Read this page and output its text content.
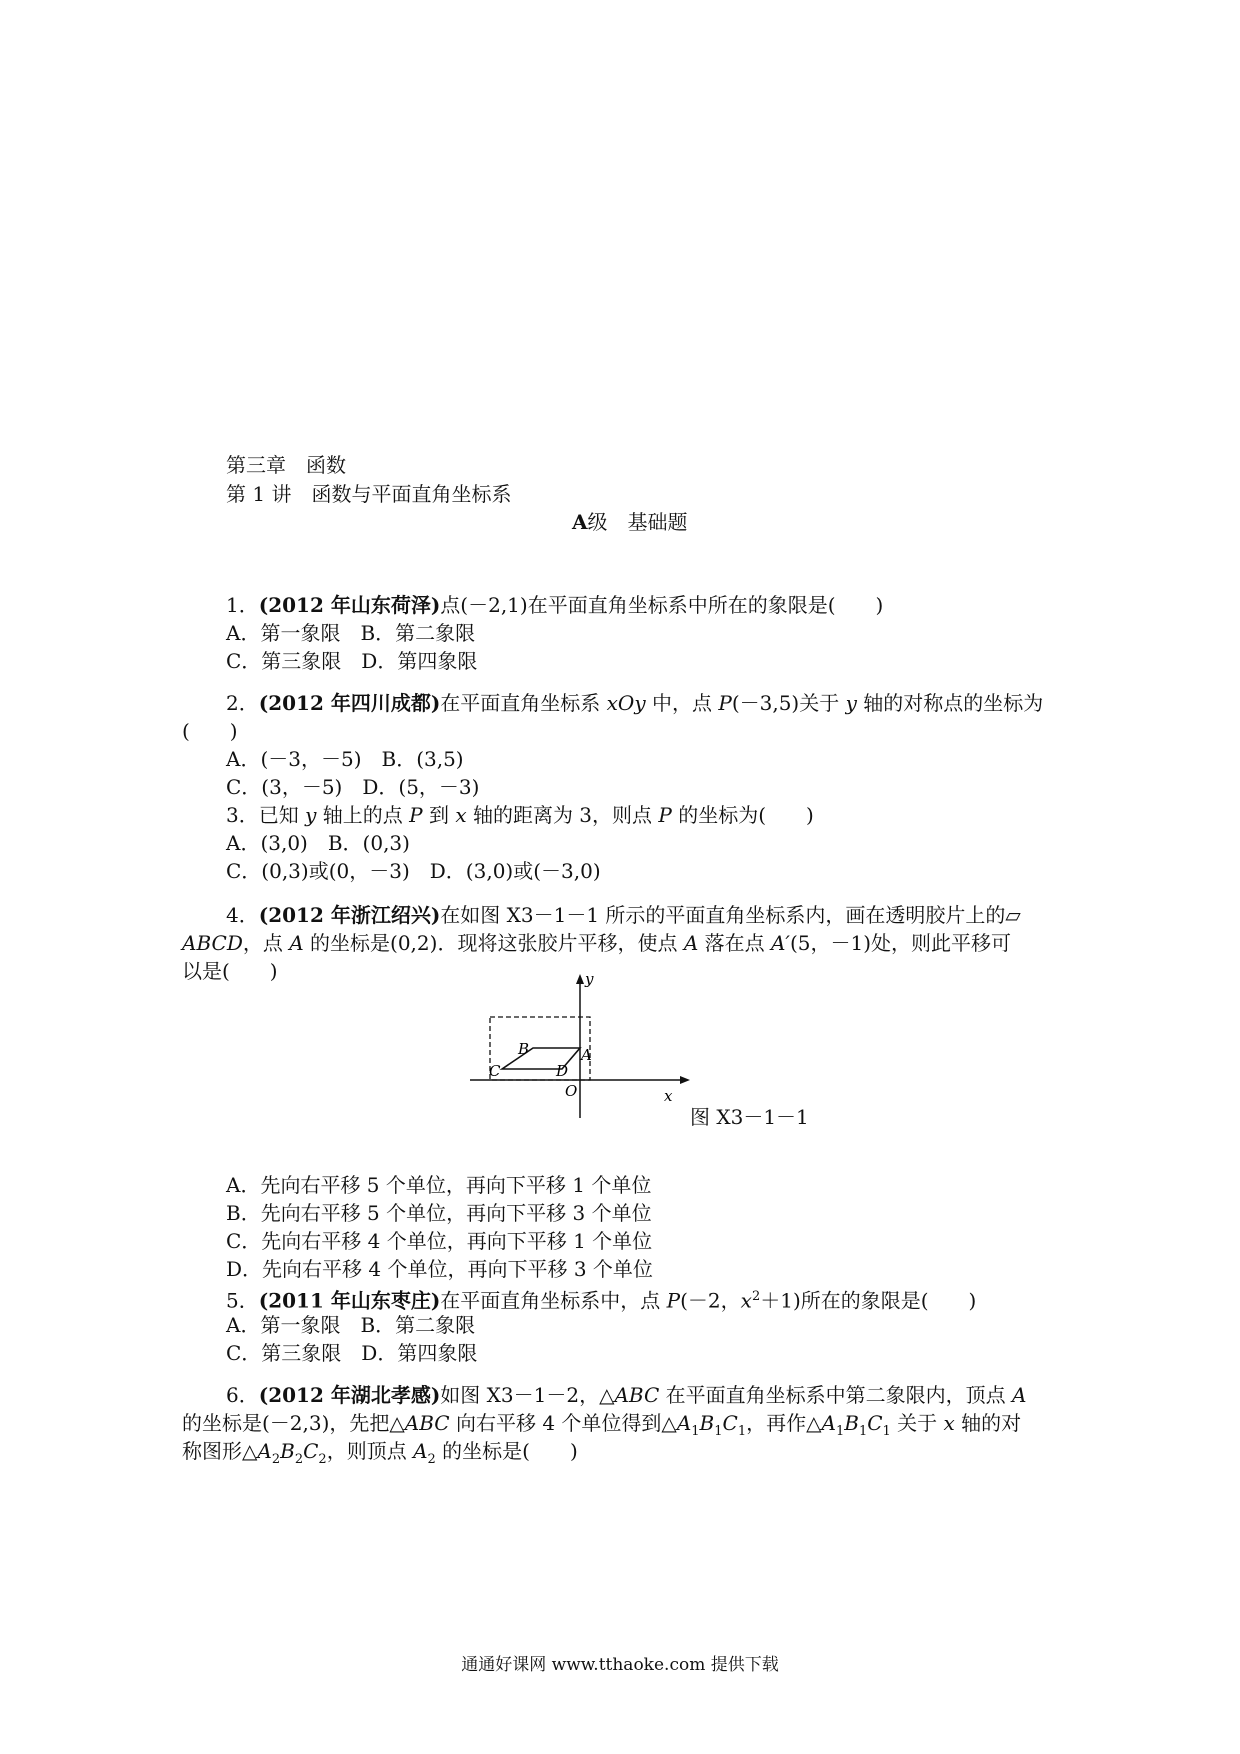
第三章　函数
第 1 讲　函数与平面直角坐标系
A级　基础题
1．(2012 年山东荷泽)点(－2,1)在平面直角坐标系中所在的象限是(　　)
A．第一象限　B．第二象限
C．第三象限　D．第四象限
2．(2012 年四川成都)在平面直角坐标系 xOy 中，点 P(－3,5)关于 y 轴的对称点的坐标为
(　　)
A．(－3，－5)　B．(3,5)
C．(3，－5)　D．(5，－3)
3．已知 y 轴上的点 P 到 x 轴的距离为 3，则点 P 的坐标为(　　)
A．(3,0)　B．(0,3)
C．(0,3)或(0，－3)　D．(3,0)或(－3,0)
4．(2012 年浙江绍兴)在如图 X3－1－1 所示的平面直角坐标系内，画在透明胶片上的▱
ABCD，点 A 的坐标是(0,2)．现将这张胶片平移，使点 A 落在点 A′(5，－1)处，则此平移可
以是(　　)	y
x
O
A
B
C	D
图 X3－1－1
A．先向右平移 5 个单位，再向下平移 1 个单位
B．先向右平移 5 个单位，再向下平移 3 个单位
C．先向右平移 4 个单位，再向下平移 1 个单位
D．先向右平移 4 个单位，再向下平移 3 个单位
5．(2011 年山东枣庄)在平面直角坐标系中，点 P(－2，$x^2+1$)所在的象限是(　　)
A．第一象限　B．第二象限
C．第三象限　D．第四象限
6．(2012 年湖北孝感)如图 X3－1－2，△ABC 在平面直角坐标系中第二象限内，顶点 A
的坐标是(－2,3)，先把△ABC 向右平移 4 个单位得到$\triangle A_1B_1C_1$，再作$\triangle A_1B_1C_1$ 关于 x 轴的对
称图形$\triangle A_2B_2C_2$，则顶点 $A_2$ 的坐标是(　　)
通通好课网 www.tthaoke.com 提供下载
